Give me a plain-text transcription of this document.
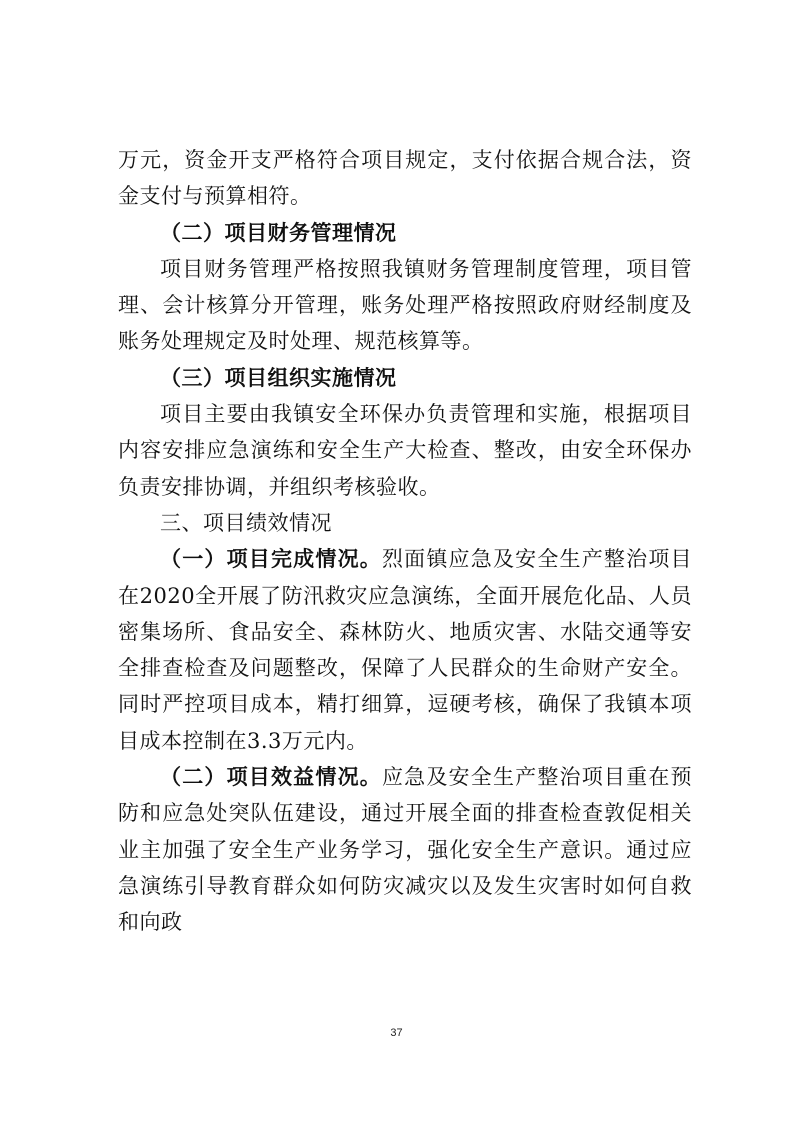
万元，资金开支严格符合项目规定，支付依据合规合法，资金支付与预算相符。

（二）项目财务管理情况

项目财务管理严格按照我镇财务管理制度管理，项目管理、会计核算分开管理，账务处理严格按照政府财经制度及账务处理规定及时处理、规范核算等。

（三）项目组织实施情况

项目主要由我镇安全环保办负责管理和实施，根据项目内容安排应急演练和安全生产大检查、整改，由安全环保办负责安排协调，并组织考核验收。

三、项目绩效情况

（一）项目完成情况。烈面镇应急及安全生产整治项目在2020全开展了防汛救灾应急演练，全面开展危化品、人员密集场所、食品安全、森林防火、地质灾害、水陆交通等安全排查检查及问题整改，保障了人民群众的生命财产安全。同时严控项目成本，精打细算，逗硬考核，确保了我镇本项目成本控制在3.3万元内。

（二）项目效益情况。应急及安全生产整治项目重在预防和应急处突队伍建设，通过开展全面的排查检查敦促相关业主加强了安全生产业务学习，强化安全生产意识。通过应急演练引导教育群众如何防灾减灾以及发生灾害时如何自救和向政

37
